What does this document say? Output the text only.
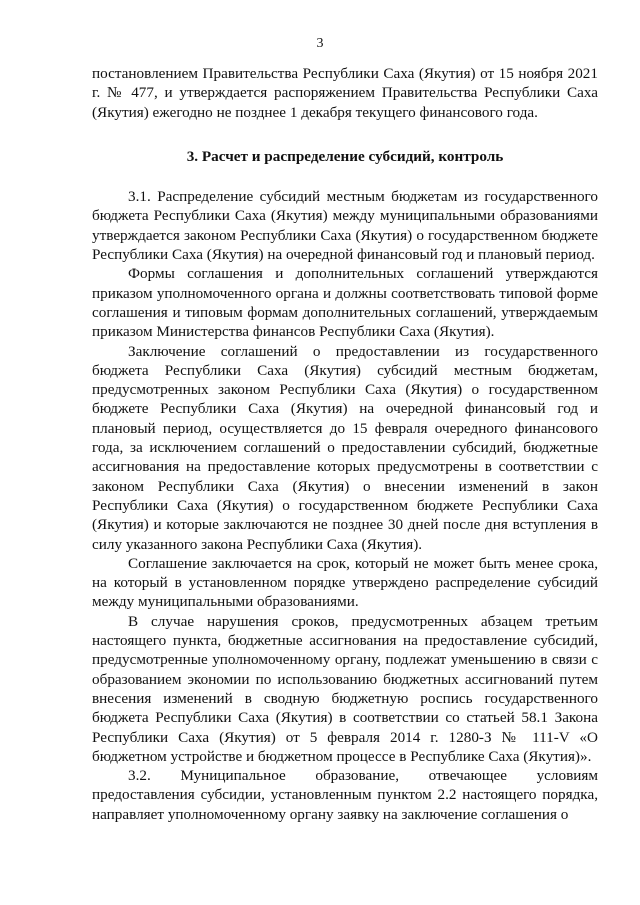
3

постановлением Правительства Республики Саха (Якутия) от 15 ноября 2021 г. № 477, и утверждается распоряжением Правительства Республики Саха (Якутия) ежегодно не позднее 1 декабря текущего финансового года.

3. Расчет и распределение субсидий, контроль

3.1. Распределение субсидий местным бюджетам из государственного бюджета Республики Саха (Якутия) между муниципальными образованиями утверждается законом Республики Саха (Якутия) о государственном бюджете Республики Саха (Якутия) на очередной финансовый год и плановый период.

Формы соглашения и дополнительных соглашений утверждаются приказом уполномоченного органа и должны соответствовать типовой форме соглашения и типовым формам дополнительных соглашений, утверждаемым приказом Министерства финансов Республики Саха (Якутия).

Заключение соглашений о предоставлении из государственного бюджета Республики Саха (Якутия) субсидий местным бюджетам, предусмотренных законом Республики Саха (Якутия) о государственном бюджете Республики Саха (Якутия) на очередной финансовый год и плановый период, осуществляется до 15 февраля очередного финансового года, за исключением соглашений о предоставлении субсидий, бюджетные ассигнования на предоставление которых предусмотрены в соответствии с законом Республики Саха (Якутия) о внесении изменений в закон Республики Саха (Якутия) о государственном бюджете Республики Саха (Якутия) и которые заключаются не позднее 30 дней после дня вступления в силу указанного закона Республики Саха (Якутия).

Соглашение заключается на срок, который не может быть менее срока, на который в установленном порядке утверждено распределение субсидий между муниципальными образованиями.

В случае нарушения сроков, предусмотренных абзацем третьим настоящего пункта, бюджетные ассигнования на предоставление субсидий, предусмотренные уполномоченному органу, подлежат уменьшению в связи с образованием экономии по использованию бюджетных ассигнований путем внесения изменений в сводную бюджетную роспись государственного бюджета Республики Саха (Якутия) в соответствии со статьей 58.1 Закона Республики Саха (Якутия) от 5 февраля 2014 г. 1280-З № 111-V «О бюджетном устройстве и бюджетном процессе в Республике Саха (Якутия)».

3.2. Муниципальное образование, отвечающее условиям предоставления субсидии, установленным пунктом 2.2 настоящего порядка, направляет уполномоченному органу заявку на заключение соглашения о
